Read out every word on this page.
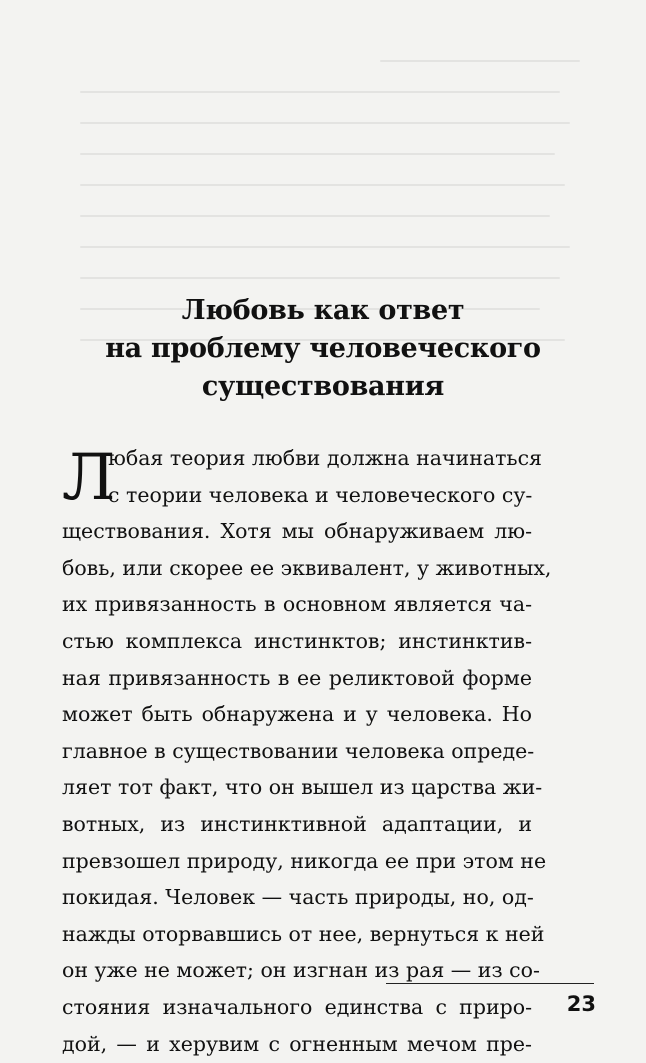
Любовь как ответ
на проблему человеческого
существования
Л
юбая теория любви должна начинаться
с теории человека и человеческого су-
ществования. Хотя мы обнаруживаем лю-
бовь, или скорее ее эквивалент, у животных,
их привязанность в основном является ча-
стью комплекса инстинктов; инстинктив-
ная привязанность в ее реликтовой форме
может быть обнаружена и у человека. Но
главное в существовании человека опреде-
ляет тот факт, что он вышел из царства жи-
вотных, из инстинктивной адаптации, и
превзошел природу, никогда ее при этом не
покидая. Человек — часть природы, но, од-
нажды оторвавшись от нее, вернуться к ней
он уже не может; он изгнан из рая — из со-
стояния изначального единства с приро-
дой, — и херувим с огненным мечом пре-
23
